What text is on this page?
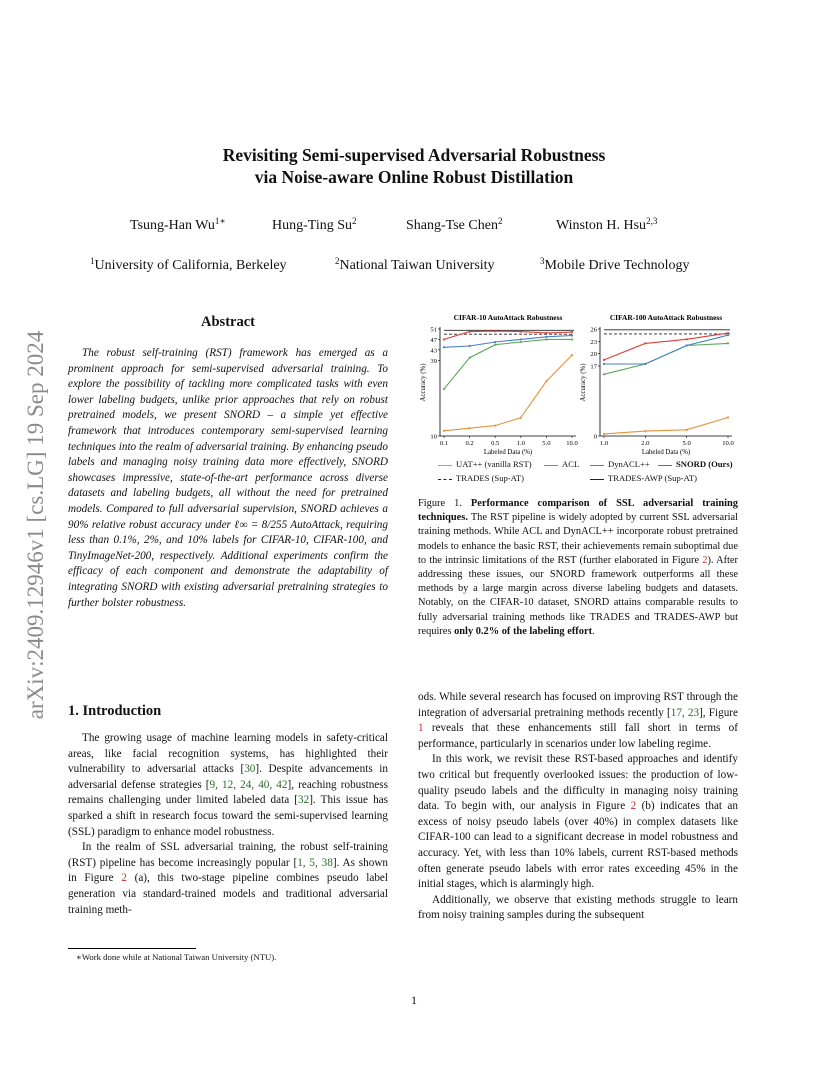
arXiv:2409.12946v1 [cs.LG] 19 Sep 2024
Revisiting Semi-supervised Adversarial Robustness
via Noise-aware Online Robust Distillation
Tsung-Han $Wu^{1∗}$	Hung-Ting Su$^2$	Shang-Tse Chen$^2$	Winston H. Hsu$^{2,3}$
$^1$University of California, Berkeley	$^2$National Taiwan University	$^3$Mobile Drive Technology
Abstract
The robust self-training (RST) framework has emerged as a prominent approach for semi-supervised adversarial training. To explore the possibility of tackling more complicated tasks with even lower labeling budgets, unlike prior approaches that rely on robust pretrained models, we present SNORD – a simple yet effective framework that introduces contemporary semi-supervised learning techniques into the realm of adversarial training. By enhancing pseudo labels and managing noisy training data more effectively, SNORD showcases impressive, state-of-the-art performance across diverse datasets and labeling budgets, all without the need for pretrained models. Compared to full adversarial supervision, SNORD achieves a 90% relative robust accuracy under ℓ∞ = 8/255 AutoAttack, requiring less than 0.1%, 2%, and 10% labels for CIFAR-10, CIFAR-100, and TinyImageNet-200, respectively. Additional experiments confirm the efficacy of each component and demonstrate the adaptability of integrating SNORD with existing adversarial pretraining strategies to further bolster robustness.
CIFAR-10 AutoAttack Robustness
10
39
43
47
51
0.1	0.2	0.5	1.0	5.0 10.0
Labeled Data (%)
Accuracy (%)
CIFAR-100 AutoAttack Robustness
0
17
20
23
26
1.0	2.0	5.0	10.0
Labeled Data (%)
Accuracy (%)
UAT++ (vanilla RST)	ACL	DynACL++	SNORD (Ours)
TRADES (Sup-AT)	TRADES-AWP (Sup-AT)
Figure 1. Performance comparison of SSL adversarial training techniques. The RST pipeline is widely adopted by current SSL adversarial training methods. While ACL and DynACL++ incorporate robust pretrained models to enhance the basic RST, their achievements remain suboptimal due to the intrinsic limitations of the RST (further elaborated in Figure 2). After addressing these issues, our SNORD framework outperforms all these methods by a large margin across diverse labeling budgets and datasets. Notably, on the CIFAR-10 dataset, SNORD attains comparable results to fully adversarial training methods like TRADES and TRADES-AWP but requires only 0.2% of the labeling effort.
1. Introduction

The growing usage of machine learning models in safety-critical areas, like facial recognition systems, has highlighted their vulnerability to adversarial attacks [30]. Despite advancements in adversarial defense strategies [9, 12, 24, 40, 42], reaching robustness remains challenging under limited labeled data [32]. This issue has sparked a shift in research focus toward the semi-supervised learning (SSL) paradigm to enhance model robustness.

In the realm of SSL adversarial training, the robust self-training (RST) pipeline has become increasingly popular [1, 5, 38]. As shown in Figure 2 (a), this two-stage pipeline combines pseudo label generation via standard-trained models and traditional adversarial training meth-

ods. While several research has focused on improving RST through the integration of adversarial pretraining methods recently [17, 23], Figure 1 reveals that these enhancements still fall short in terms of performance, particularly in scenarios under low labeling regime.

In this work, we revisit these RST-based approaches and identify two critical but frequently overlooked issues: the production of low-quality pseudo labels and the difficulty in managing noisy training data. To begin with, our analysis in Figure 2 (b) indicates that an excess of noisy pseudo labels (over 40%) in complex datasets like CIFAR-100 can lead to a significant decrease in model robustness and accuracy. Yet, with less than 10% labels, current RST-based methods often generate pseudo labels with error rates exceeding 45% in the initial stages, which is alarmingly high.

Additionally, we observe that existing methods struggle to learn from noisy training samples during the subsequent

∗Work done while at National Taiwan University (NTU).
1
